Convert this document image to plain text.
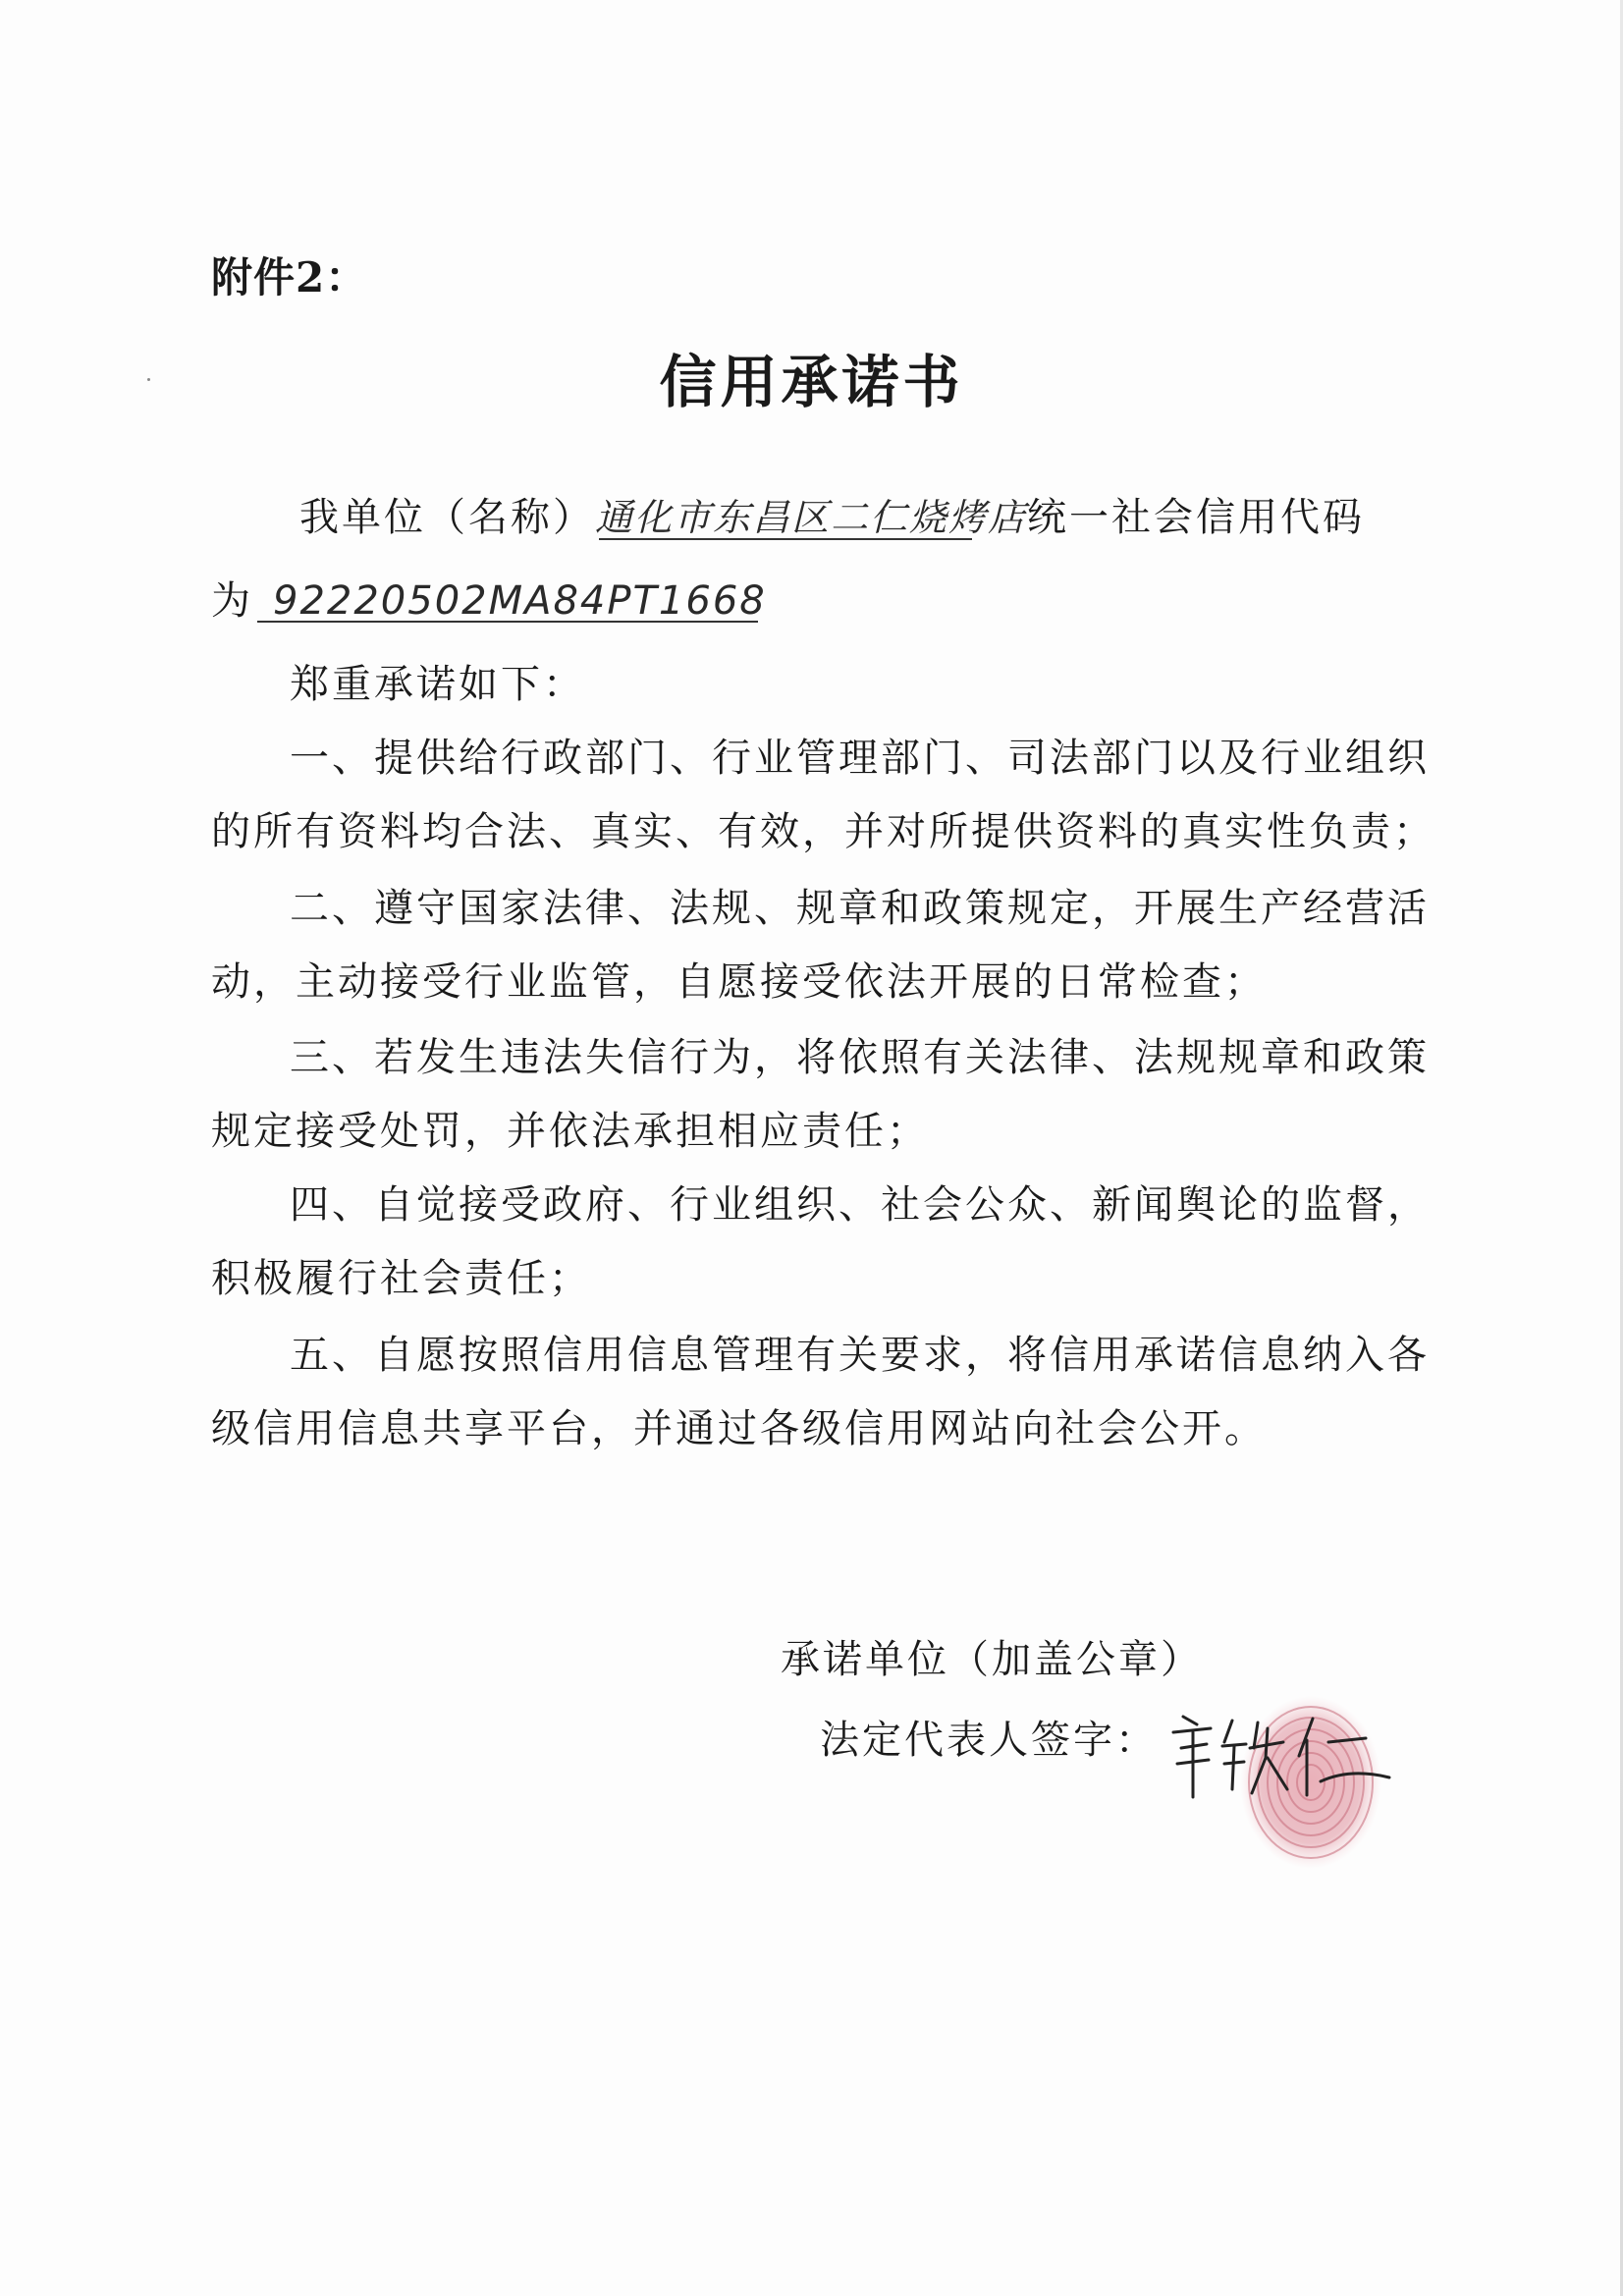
附件2：
信用承诺书
我单位（名称）通化市东昌区二仁烧烤店统一社会信用代码
为 92220502MA84PT1668
郑重承诺如下：
一、提供给行政部门、行业管理部门、司法部门以及行业组织
的所有资料均合法、真实、有效，并对所提供资料的真实性负责；
二、遵守国家法律、法规、规章和政策规定，开展生产经营活
动，主动接受行业监管，自愿接受依法开展的日常检查；
三、若发生违法失信行为，将依照有关法律、法规规章和政策
规定接受处罚，并依法承担相应责任；
四、自觉接受政府、行业组织、社会公众、新闻舆论的监督，
积极履行社会责任；
五、自愿按照信用信息管理有关要求，将信用承诺信息纳入各
级信用信息共享平台，并通过各级信用网站向社会公开。
承诺单位（加盖公章）
法定代表人签字：
